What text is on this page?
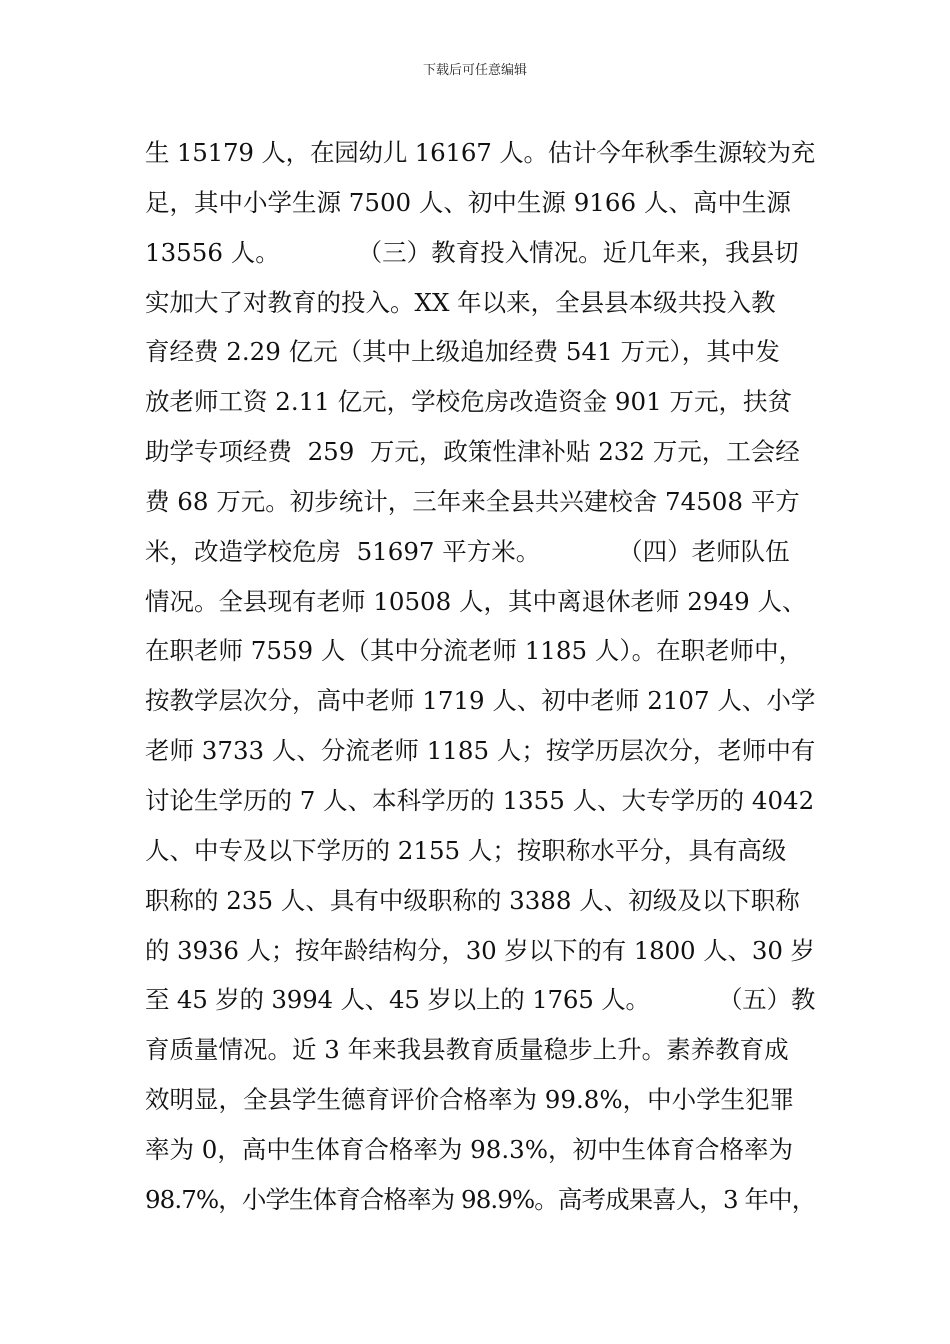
下载后可任意编辑
生 15179 人，在园幼儿 16167 人。估计今年秋季生源较为充
足，其中小学生源 7500 人、初中生源 9166 人、高中生源
13556 人。          （三）教育投入情况。近几年来，我县切
实加大了对教育的投入。XX 年以来，全县县本级共投入教
育经费 2.29 亿元（其中上级追加经费 541 万元），其中发
放老师工资 2.11 亿元，学校危房改造资金 901 万元，扶贫
助学专项经费  259  万元，政策性津补贴 232 万元，工会经
费 68 万元。初步统计，三年来全县共兴建校舍 74508 平方
米，改造学校危房  51697 平方米。          （四）老师队伍
情况。全县现有老师 10508 人，其中离退休老师 2949 人、
在职老师 7559 人（其中分流老师 1185 人）。在职老师中，
按教学层次分，高中老师 1719 人、初中老师 2107 人、小学
老师 3733 人、分流老师 1185 人；按学历层次分，老师中有
讨论生学历的 7 人、本科学历的 1355 人、大专学历的 4042
人、中专及以下学历的 2155 人；按职称水平分，具有高级
职称的 235 人、具有中级职称的 3388 人、初级及以下职称
的 3936 人；按年龄结构分，30 岁以下的有 1800 人、30 岁
至 45 岁的 3994 人、45 岁以上的 1765 人。         （五）教
育质量情况。近 3 年来我县教育质量稳步上升。素养教育成
效明显，全县学生德育评价合格率为 99.8%，中小学生犯罪
率为 0，高中生体育合格率为 98.3%，初中生体育合格率为
98.7%，小学生体育合格率为 98.9%。高考成果喜人，3 年中，
